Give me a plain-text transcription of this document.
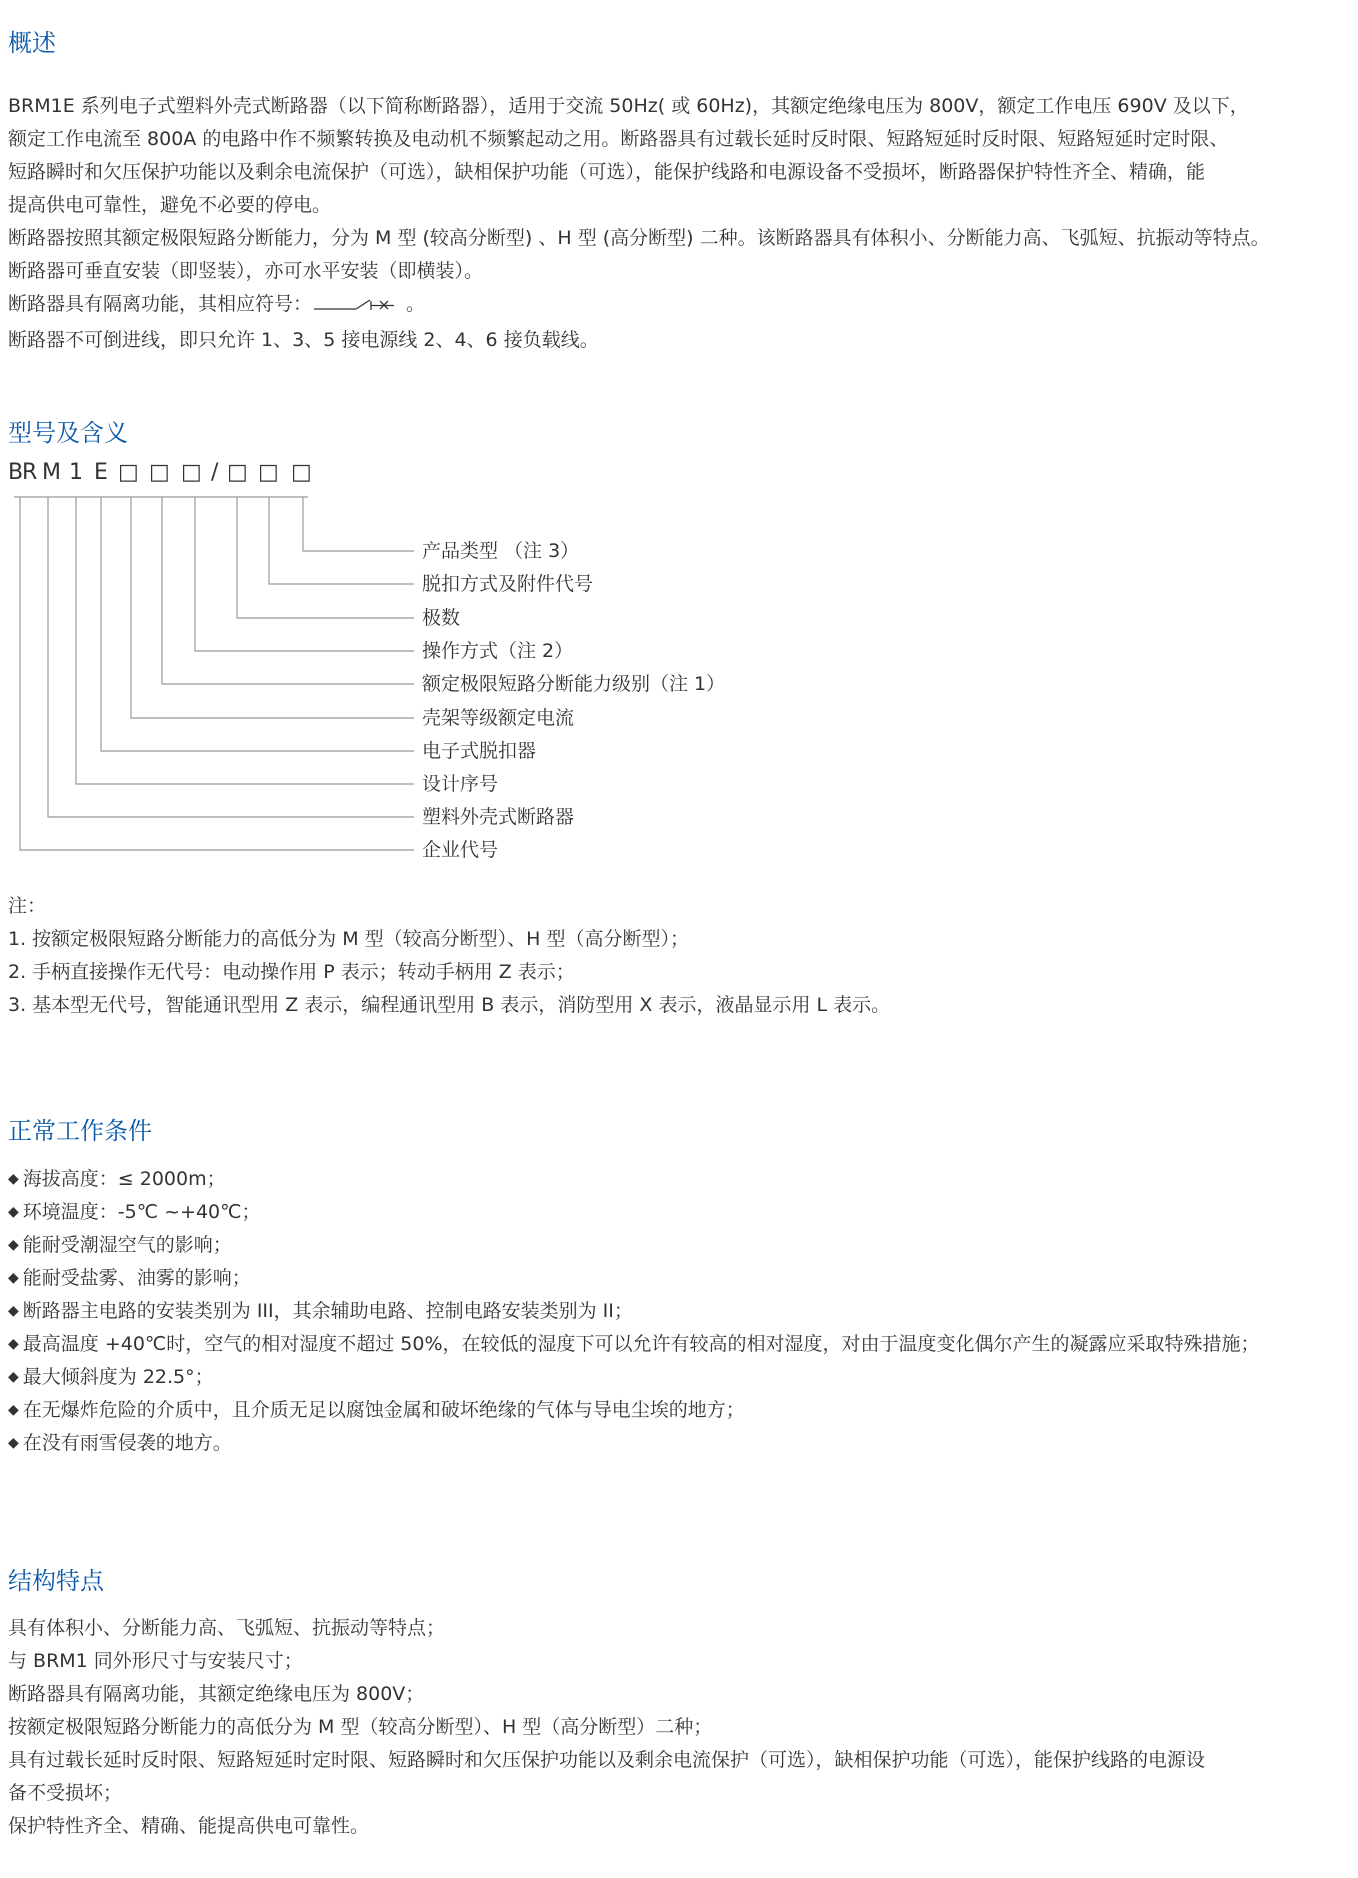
概述
BRM1E 系列电子式塑料外壳式断路器（以下简称断路器），适用于交流 50Hz( 或 60Hz)，其额定绝缘电压为 800V，额定工作电压 690V 及以下，
额定工作电流至 800A 的电路中作不频繁转换及电动机不频繁起动之用。断路器具有过载长延时反时限、短路短延时反时限、短路短延时定时限、
短路瞬时和欠压保护功能以及剩余电流保护（可选），缺相保护功能（可选），能保护线路和电源设备不受损坏，断路器保护特性齐全、精确，能
提高供电可靠性，避免不必要的停电。
断路器按照其额定极限短路分断能力，分为 M 型 (较高分断型) 、H 型 (高分断型) 二种。该断路器具有体积小、分断能力高、飞弧短、抗振动等特点。
断路器可垂直安装（即竖装），亦可水平安装（即横装）。
断路器具有隔离功能，其相应符号：	。
断路器不可倒进线，即只允许 1、3、5 接电源线 2、4、6 接负载线。
型号及含义
B
R M 1 E □ □ □ / □ □ □
产品类型 （注 3）
脱扣方式及附件代号
极数
操作方式（注 2）
额定极限短路分断能力级别（注 1）
壳架等级额定电流
电子式脱扣器
设计序号
塑料外壳式断路器
企业代号
注：
1. 按额定极限短路分断能力的高低分为 M 型（较高分断型）、H 型（高分断型）；
2. 手柄直接操作无代号：电动操作用 P 表示；转动手柄用 Z 表示；
3. 基本型无代号，智能通讯型用 Z 表示，编程通讯型用 B 表示，消防型用 X 表示，液晶显示用 L 表示。
正常工作条件
◆ 海拔高度：≤ 2000m；
◆ 环境温度：-5℃ ~+40℃；
◆ 能耐受潮湿空气的影响；
◆ 能耐受盐雾、油雾的影响；
◆ 断路器主电路的安装类别为 III，其余辅助电路、控制电路安装类别为 II；
◆ 最高温度 +40℃时，空气的相对湿度不超过 50%，在较低的湿度下可以允许有较高的相对湿度，对由于温度变化偶尔产生的凝露应采取特殊措施；
◆ 最大倾斜度为 22.5°；
◆ 在无爆炸危险的介质中，且介质无足以腐蚀金属和破坏绝缘的气体与导电尘埃的地方；
◆ 在没有雨雪侵袭的地方。
结构特点
具有体积小、分断能力高、飞弧短、抗振动等特点；
与 BRM1 同外形尺寸与安装尺寸；
断路器具有隔离功能，其额定绝缘电压为 800V；
按额定极限短路分断能力的高低分为 M 型（较高分断型）、H 型（高分断型）二种；
具有过载长延时反时限、短路短延时定时限、短路瞬时和欠压保护功能以及剩余电流保护（可选），缺相保护功能（可选），能保护线路的电源设
备不受损坏；
保护特性齐全、精确、能提高供电可靠性。
